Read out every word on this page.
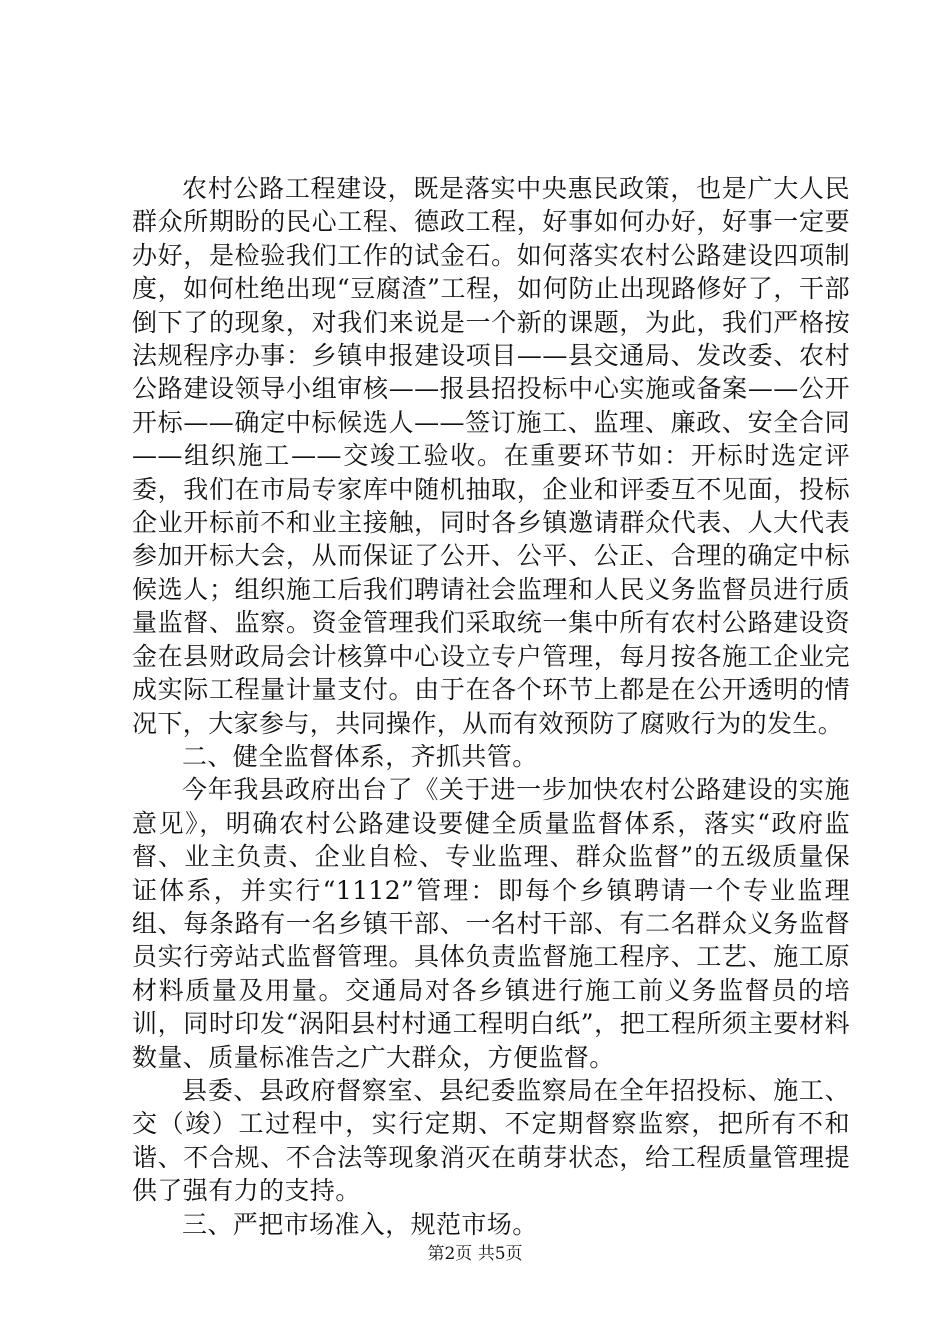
农村公路工程建设，既是落实中央惠民政策，也是广大人民群众所期盼的民心工程、德政工程，好事如何办好，好事一定要办好，是检验我们工作的试金石。如何落实农村公路建设四项制度，如何杜绝出现“豆腐渣”工程，如何防止出现路修好了，干部倒下了的现象，对我们来说是一个新的课题，为此，我们严格按法规程序办事：乡镇申报建设项目——县交通局、发改委、农村公路建设领导小组审核——报县招投标中心实施或备案——公开开标——确定中标候选人——签订施工、监理、廉政、安全合同——组织施工——交竣工验收。在重要环节如：开标时选定评委，我们在市局专家库中随机抽取，企业和评委互不见面，投标企业开标前不和业主接触，同时各乡镇邀请群众代表、人大代表参加开标大会，从而保证了公开、公平、公正、合理的确定中标候选人；组织施工后我们聘请社会监理和人民义务监督员进行质量监督、监察。资金管理我们采取统一集中所有农村公路建设资金在县财政局会计核算中心设立专户管理，每月按各施工企业完成实际工程量计量支付。由于在各个环节上都是在公开透明的情况下，大家参与，共同操作，从而有效预防了腐败行为的发生。

二、健全监督体系，齐抓共管。

今年我县政府出台了《关于进一步加快农村公路建设的实施意见》，明确农村公路建设要健全质量监督体系，落实“政府监督、业主负责、企业自检、专业监理、群众监督”的五级质量保证体系，并实行“1112”管理：即每个乡镇聘请一个专业监理组、每条路有一名乡镇干部、一名村干部、有二名群众义务监督员实行旁站式监督管理。具体负责监督施工程序、工艺、施工原材料质量及用量。交通局对各乡镇进行施工前义务监督员的培训，同时印发“涡阳县村村通工程明白纸”，把工程所须主要材料数量、质量标准告之广大群众，方便监督。

县委、县政府督察室、县纪委监察局在全年招投标、施工、交（竣）工过程中，实行定期、不定期督察监察，把所有不和谐、不合规、不合法等现象消灭在萌芽状态，给工程质量管理提供了强有力的支持。

三、严把市场准入，规范市场。

第2页 共5页
